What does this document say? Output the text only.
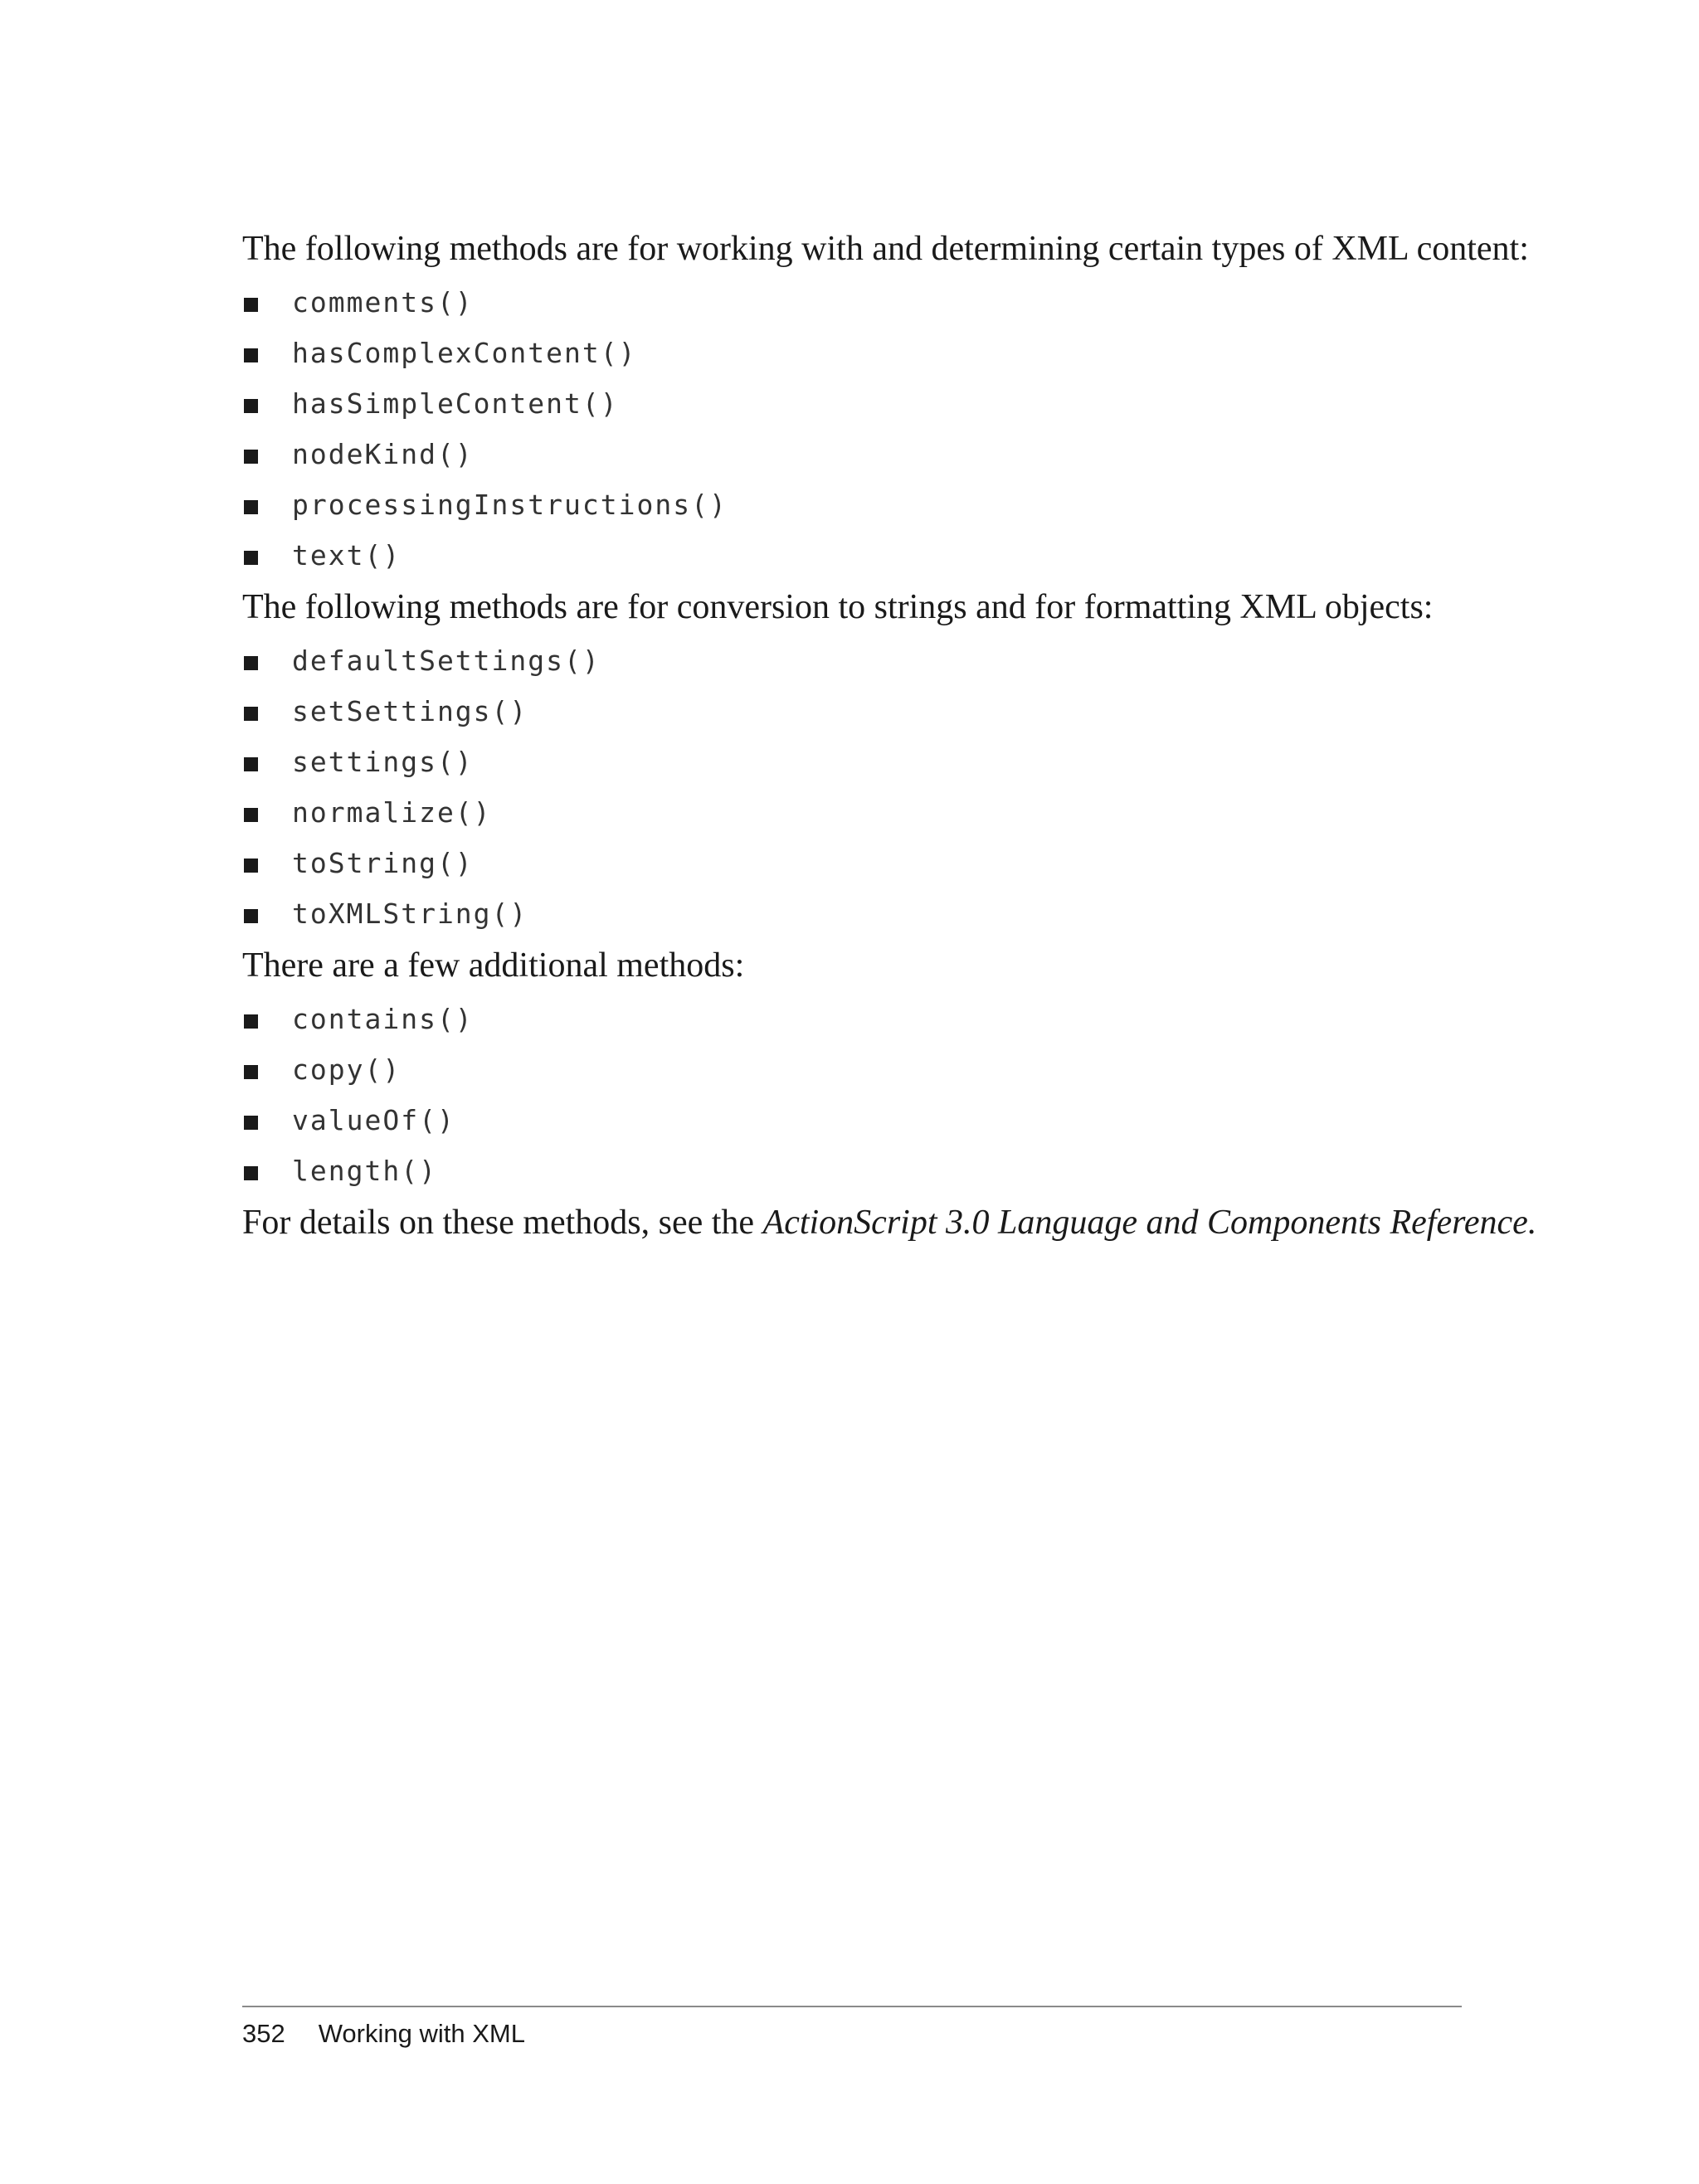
The following methods are for working with and determining certain types of XML content:

comments()
hasComplexContent()
hasSimpleContent()
nodeKind()
processingInstructions()
text()

The following methods are for conversion to strings and for formatting XML objects:

defaultSettings()
setSettings()
settings()
normalize()
toString()
toXMLString()

There are a few additional methods:

contains()
copy()
valueOf()
length()

For details on these methods, see the ActionScript 3.0 Language and Components Reference.

352 Working with XML
